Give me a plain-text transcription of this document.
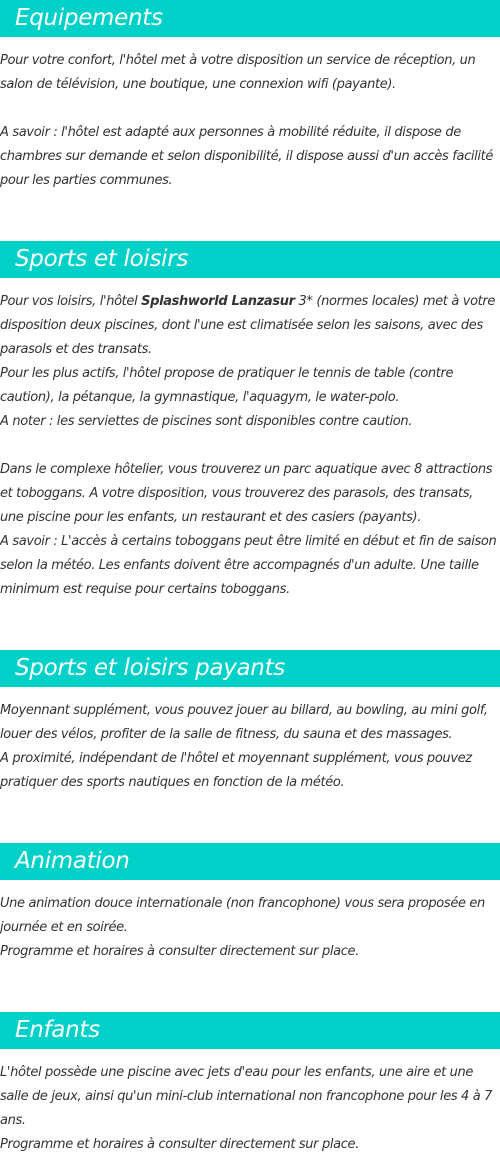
Equipements

Pour votre confort, l'hôtel met à votre disposition un service de réception, un salon de télévision, une boutique, une connexion wifi (payante).

A savoir : l'hôtel est adapté aux personnes à mobilité réduite, il dispose de chambres sur demande et selon disponibilité, il dispose aussi d'un accès facilité pour les parties communes.

Sports et loisirs

Pour vos loisirs, l'hôtel Splashworld Lanzasur 3* (normes locales) met à votre disposition deux piscines, dont l'une est climatisée selon les saisons, avec des parasols et des transats.

Pour les plus actifs, l'hôtel propose de pratiquer le tennis de table (contre caution), la pétanque, la gymnastique, l'aquagym, le water-polo.

A noter : les serviettes de piscines sont disponibles contre caution.

Dans le complexe hôtelier, vous trouverez un parc aquatique avec 8 attractions et toboggans. A votre disposition, vous trouverez des parasols, des transats, une piscine pour les enfants, un restaurant et des casiers (payants).

A savoir : L'accès à certains toboggans peut être limité en début et fin de saison selon la météo. Les enfants doivent être accompagnés d'un adulte. Une taille minimum est requise pour certains toboggans.

Sports et loisirs payants

Moyennant supplément, vous pouvez jouer au billard, au bowling, au mini golf, louer des vélos, profiter de la salle de fitness, du sauna et des massages.

A proximité, indépendant de l'hôtel et moyennant supplément, vous pouvez pratiquer des sports nautiques en fonction de la météo.

Animation

Une animation douce internationale (non francophone) vous sera proposée en journée et en soirée.

Programme et horaires à consulter directement sur place.

Enfants

L'hôtel possède une piscine avec jets d'eau pour les enfants, une aire et une salle de jeux, ainsi qu'un mini-club international non francophone pour les 4 à 7 ans.

Programme et horaires à consulter directement sur place.
